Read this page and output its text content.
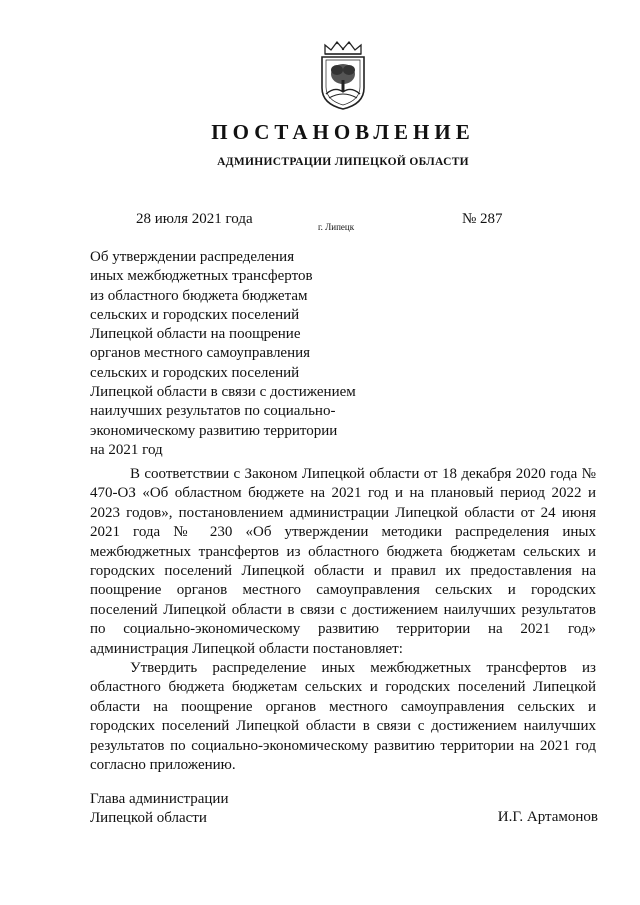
ПОСТАНОВЛЕНИЕ
АДМИНИСТРАЦИИ ЛИПЕЦКОЙ ОБЛАСТИ
28 июля 2021 года	г. Липецк	№ 287
Об утверждении распределения
иных межбюджетных трансфертов
из областного бюджета бюджетам
сельских и городских поселений
Липецкой области на поощрение
органов местного самоуправления
сельских и городских поселений
Липецкой области в связи с достижением
наилучших результатов по социально-
экономическому развитию территории
на 2021 год

В соответствии с Законом Липецкой области от 18 декабря 2020 года № 470-ОЗ «Об областном бюджете на 2021 год и на плановый период 2022 и 2023 годов», постановлением администрации Липецкой области от 24 июня 2021 года № 230 «Об утверждении методики распределения иных межбюджетных трансфертов из областного бюджета бюджетам сельских и городских поселений Липецкой области и правил их предоставления на поощрение органов местного самоуправления сельских и городских поселений Липецкой области в связи с достижением наилучших результатов по социально-экономическому развитию территории на 2021 год» администрация Липецкой области постановляет:

Утвердить распределение иных межбюджетных трансфертов из областного бюджета бюджетам сельских и городских поселений Липецкой области на поощрение органов местного самоуправления сельских и городских поселений Липецкой области в связи с достижением наилучших результатов по социально-экономическому развитию территории на 2021 год согласно приложению.

Глава администрации
Липецкой области	И.Г. Артамонов
